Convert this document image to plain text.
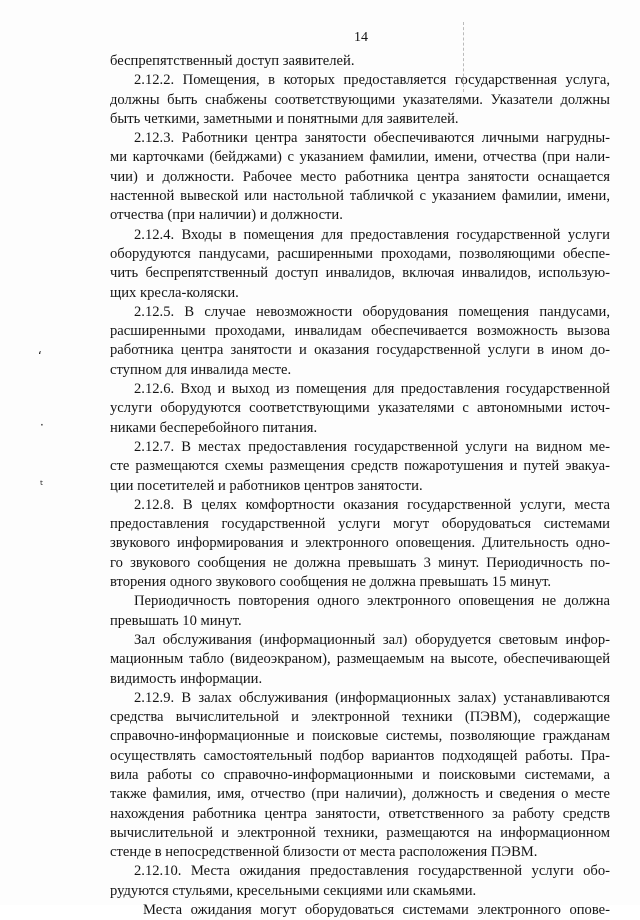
14
ʻ
·
ᵗ
беспрепятственный доступ заявителей.
2.12.2. Помещения, в которых предоставляется государственная услуга,
должны быть снабжены соответствующими указателями. Указатели должны
быть четкими, заметными и понятными для заявителей.
2.12.3. Работники центра занятости обеспечиваются личными нагрудны-
ми карточками (бейджами) с указанием фамилии, имени, отчества (при нали-
чии) и должности. Рабочее место работника центра занятости оснащается
настенной вывеской или настольной табличкой с указанием фамилии, имени,
отчества (при наличии) и должности.
2.12.4. Входы в помещения для предоставления государственной услуги
оборудуются пандусами, расширенными проходами, позволяющими обеспе-
чить беспрепятственный доступ инвалидов, включая инвалидов, использую-
щих кресла-коляски.
2.12.5. В случае невозможности оборудования помещения пандусами,
расширенными проходами, инвалидам обеспечивается возможность вызова
работника центра занятости и оказания государственной услуги в ином до-
ступном для инвалида месте.
2.12.6. Вход и выход из помещения для предоставления государственной
услуги оборудуются соответствующими указателями с автономными источ-
никами бесперебойного питания.
2.12.7. В местах предоставления государственной услуги на видном ме-
сте размещаются схемы размещения средств пожаротушения и путей эвакуа-
ции посетителей и работников центров занятости.
2.12.8. В целях комфортности оказания государственной услуги, места
предоставления государственной услуги могут оборудоваться системами
звукового информирования и электронного оповещения. Длительность одно-
го звукового сообщения не должна превышать 3 минут. Периодичность по-
вторения одного звукового сообщения не должна превышать 15 минут.
Периодичность повторения одного электронного оповещения не должна
превышать 10 минут.
Зал обслуживания (информационный зал) оборудуется световым инфор-
мационным табло (видеоэкраном), размещаемым на высоте, обеспечивающей
видимость информации.
2.12.9. В залах обслуживания (информационных залах) устанавливаются
средства вычислительной и электронной техники (ПЭВМ), содержащие
справочно-информационные и поисковые системы, позволяющие гражданам
осуществлять самостоятельный подбор вариантов подходящей работы. Пра-
вила работы со справочно-информационными и поисковыми системами, а
также фамилия, имя, отчество (при наличии), должность и сведения о месте
нахождения работника центра занятости, ответственного за работу средств
вычислительной и электронной техники, размещаются на информационном
стенде в непосредственной близости от места расположения ПЭВМ.
2.12.10. Места ожидания предоставления государственной услуги обо-
рудуются стульями, кресельными секциями или скамьями.
Места ожидания могут оборудоваться системами электронного опове-
